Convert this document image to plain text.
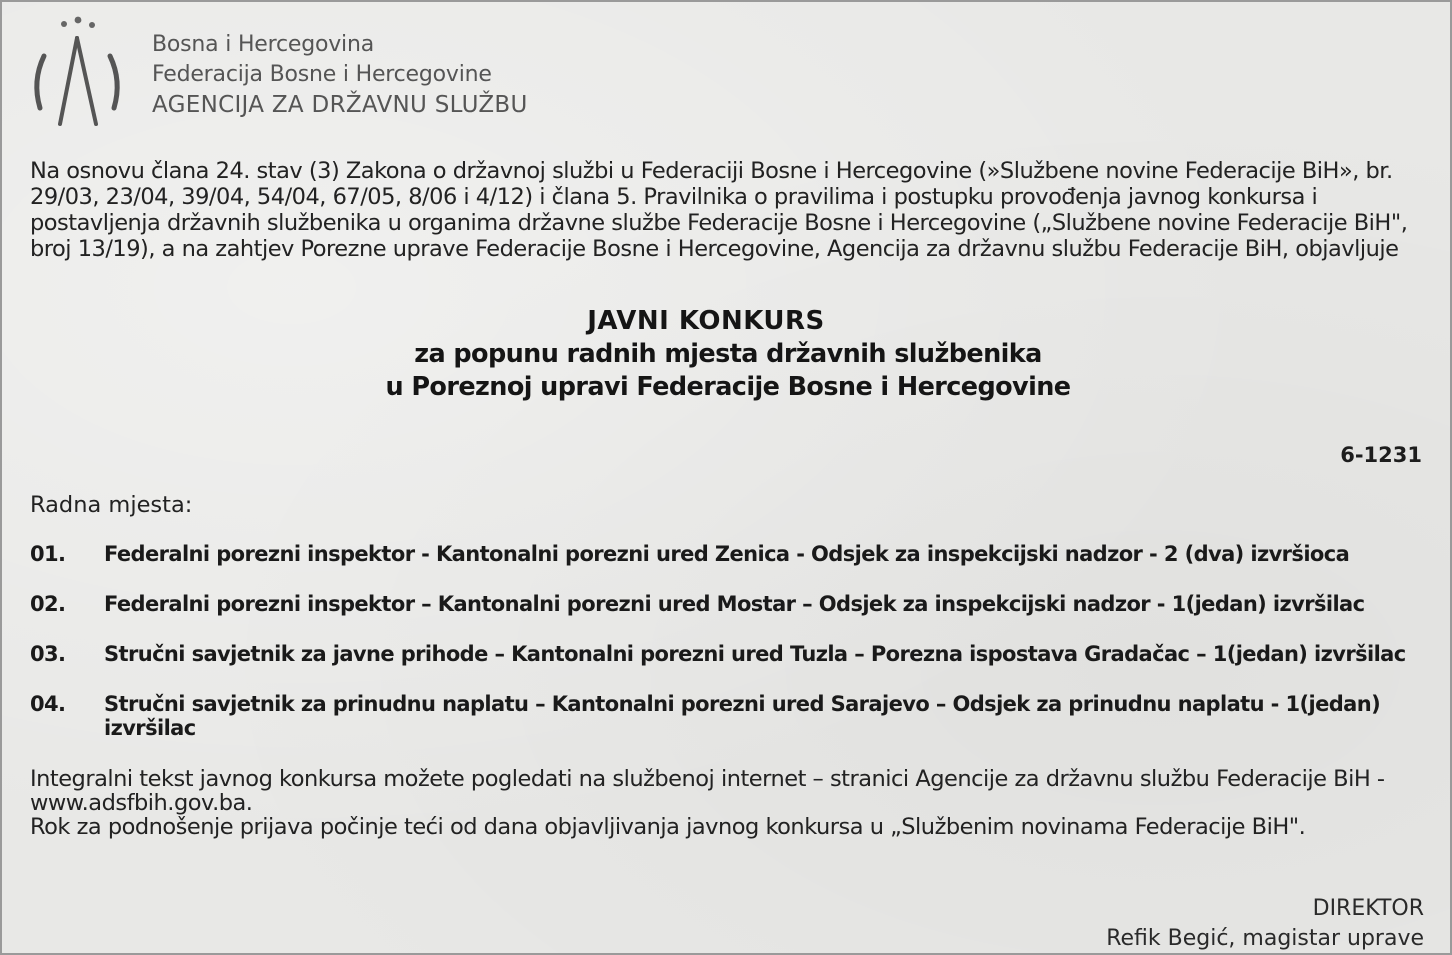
Bosna i Hercegovina
Federacija Bosne i Hercegovine
AGENCIJA ZA DRŽAVNU SLUŽBU

Na osnovu člana 24. stav (3) Zakona o državnoj službi u Federaciji Bosne i Hercegovine (»Službene novine Federacije BiH», br. 29/03, 23/04, 39/04, 54/04, 67/05, 8/06 i 4/12) i člana 5. Pravilnika o pravilima i postupku provođenja javnog konkursa i postavljenja državnih službenika u organima državne službe Federacije Bosne i Hercegovine („Službene novine Federacije BiH", broj 13/19), a na zahtjev Porezne uprave Federacije Bosne i Hercegovine, Agencija za državnu službu Federacije BiH, objavljuje

JAVNI KONKURS
za popunu radnih mjesta državnih službenika
u Poreznoj upravi Federacije Bosne i Hercegovine
6-1231
Radna mjesta:
01.	Federalni porezni inspektor - Kantonalni porezni ured Zenica - Odsjek za inspekcijski nadzor - 2 (dva) izvršioca
02.	Federalni porezni inspektor – Kantonalni porezni ured Mostar – Odsjek za inspekcijski nadzor - 1(jedan) izvršilac
03.	Stručni savjetnik za javne prihode – Kantonalni porezni ured Tuzla – Porezna ispostava Gradačac – 1(jedan) izvršilac
04.	Stručni savjetnik za prinudnu naplatu – Kantonalni porezni ured Sarajevo – Odsjek za prinudnu naplatu - 1(jedan) izvršilac

Integralni tekst javnog konkursa možete pogledati na službenoj internet – stranici Agencije za državnu službu Federacije BiH - www.adsfbih.gov.ba.

Rok za podnošenje prijava počinje teći od dana objavljivanja javnog konkursa u „Službenim novinama Federacije BiH".

DIREKTOR
Refik Begić, magistar uprave
